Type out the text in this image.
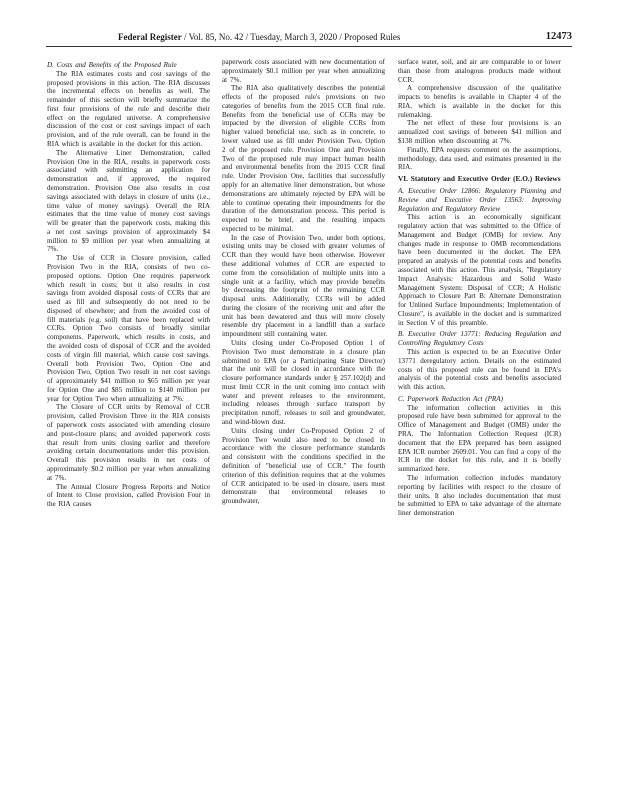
Federal Register / Vol. 85, No. 42 / Tuesday, March 3, 2020 / Proposed Rules	12473

D. Costs and Benefits of the Proposed Rule

The RIA estimates costs and cost savings of the proposed provisions in this action. The RIA discusses the incremental effects on benefits as well. The remainder of this section will briefly summarize the first four provisions of the rule and describe their effect on the regulated universe. A comprehensive discussion of the cost or cost savings impact of each provision, and of the rule overall, can be found in the RIA which is available in the docket for this action.

The Alternative Liner Demonstration, called Provision One in the RIA, results in paperwork costs associated with submitting an application for demonstration and, if approved, the required demonstration. Provision One also results in cost savings associated with delays in closure of units (i.e., time value of money savings). Overall the RIA estimates that the time value of money cost savings will be greater than the paperwork costs, making this a net cost savings provision of approximately $4 million to $9 million per year when annualizing at 7%.

The Use of CCR in Closure provision, called Provision Two in the RIA, consists of two co-proposed options. Option One requires paperwork which result in costs; but it also results in cost savings from avoided disposal costs of CCRs that are used as fill and subsequently do not need to be disposed of elsewhere; and from the avoided cost of fill materials (e.g. soil) that have been replaced with CCRs. Option Two consists of broadly similar components. Paperwork, which results in costs, and the avoided costs of disposal of CCR and the avoided costs of virgin fill material, which cause cost savings. Overall both Provision Two, Option One and Provision Two, Option Two result in net cost savings of approximately $41 million to $65 million per year for Option One and $85 million to $140 million per year for Option Two when annualizing at 7%.

The Closure of CCR units by Removal of CCR provision, called Provision Three in the RIA consists of paperwork costs associated with amending closure and post-closure plans; and avoided paperwork costs that result from units closing earlier and therefore avoiding certain documentations under this provision. Overall this provision results in net costs of approximately $0.2 million per year when annualizing at 7%.

The Annual Closure Progress Reports and Notice of Intent to Close provision, called Provision Four in the RIA causes

paperwork costs associated with new documentation of approximately $0.1 million per year when annualizing at 7%.

The RIA also qualitatively describes the potential effects of the proposed rule's provisions on two categories of benefits from the 2015 CCR final rule. Benefits from the beneficial use of CCRs may be impacted by the diversion of eligible CCRs from higher valued beneficial use, such as in concrete, to lower valued use as fill under Provision Two, Option 2 of the proposed rule. Provision One and Provision Two of the proposed rule may impact human health and environmental benefits from the 2015 CCR final rule. Under Provision One, facilities that successfully apply for an alternative liner demonstration, but whose demonstrations are ultimately rejected by EPA will be able to continue operating their impoundments for the duration of the demonstration process. This period is expected to be brief, and the resulting impacts expected to be minimal.

In the case of Provision Two, under both options, existing units may be closed with greater volumes of CCR than they would have been otherwise. However these additional volumes of CCR are expected to come from the consolidation of multiple units into a single unit at a facility, which may provide benefits by decreasing the footprint of the remaining CCR disposal units. Additionally, CCRs will be added during the closure of the receiving unit and after the unit has been dewatered and thus will more closely resemble dry placement in a landfill than a surface impoundment still containing water.

Units closing under Co-Proposed Option 1 of Provision Two must demonstrate in a closure plan submitted to EPA (or a Participating State Director) that the unit will be closed in accordance with the closure performance standards under § 257.102(d) and must limit CCR in the unit coming into contact with water and prevent releases to the environment, including releases through surface transport by precipitation runoff, releases to soil and groundwater, and wind-blown dust.

Units closing under Co-Proposed Option 2 of Provision Two would also need to be closed in accordance with the closure performance standards and consistent with the conditions specified in the definition of "beneficial use of CCR." The fourth criterion of this definition requires that at the volumes of CCR anticipated to be used in closure, users must demonstrate that environmental releases to groundwater,

surface water, soil, and air are comparable to or lower than those from analogous products made without CCR.

A comprehensive discussion of the qualitative impacts to benefits is available in Chapter 4 of the RIA, which is available in the docket for this rulemaking.

The net effect of these four provisions is an annualized cost savings of between $41 million and $138 million when discounting at 7%.

Finally, EPA requests comment on the assumptions, methodology, data used, and estimates presented in the RIA.

VI. Statutory and Executive Order (E.O.) Reviews

A. Executive Order 12866: Regulatory Planning and Review and Executive Order 13563: Improving Regulation and Regulatory Review

This action is an economically significant regulatory action that was submitted to the Office of Management and Budget (OMB) for review. Any changes made in response to OMB recommendations have been documented in the docket. The EPA prepared an analysis of the potential costs and benefits associated with this action. This analysis, "Regulatory Impact Analysis: Hazardous and Solid Waste Management System: Disposal of CCR; A Holistic Approach to Closure Part B: Alternate Demonstration for Unlined Surface Impoundments; Implementation of Closure", is available in the docket and is summarized in Section V of this preamble.

B. Executive Order 13771: Reducing Regulation and Controlling Regulatory Costs

This action is expected to be an Executive Order 13771 deregulatory action. Details on the estimated costs of this proposed rule can be found in EPA's analysis of the potential costs and benefits associated with this action.

C. Paperwork Reduction Act (PRA)

The information collection activities in this proposed rule have been submitted for approval to the Office of Management and Budget (OMB) under the PRA. The Information Collection Request (ICR) document that the EPA prepared has been assigned EPA ICR number 2609.01. You can find a copy of the ICR in the docket for this rule, and it is briefly summarized here.

The information collection includes mandatory reporting by facilities with respect to the closure of their units. It also includes documentation that must be submitted to EPA to take advantage of the alternate liner demonstration
